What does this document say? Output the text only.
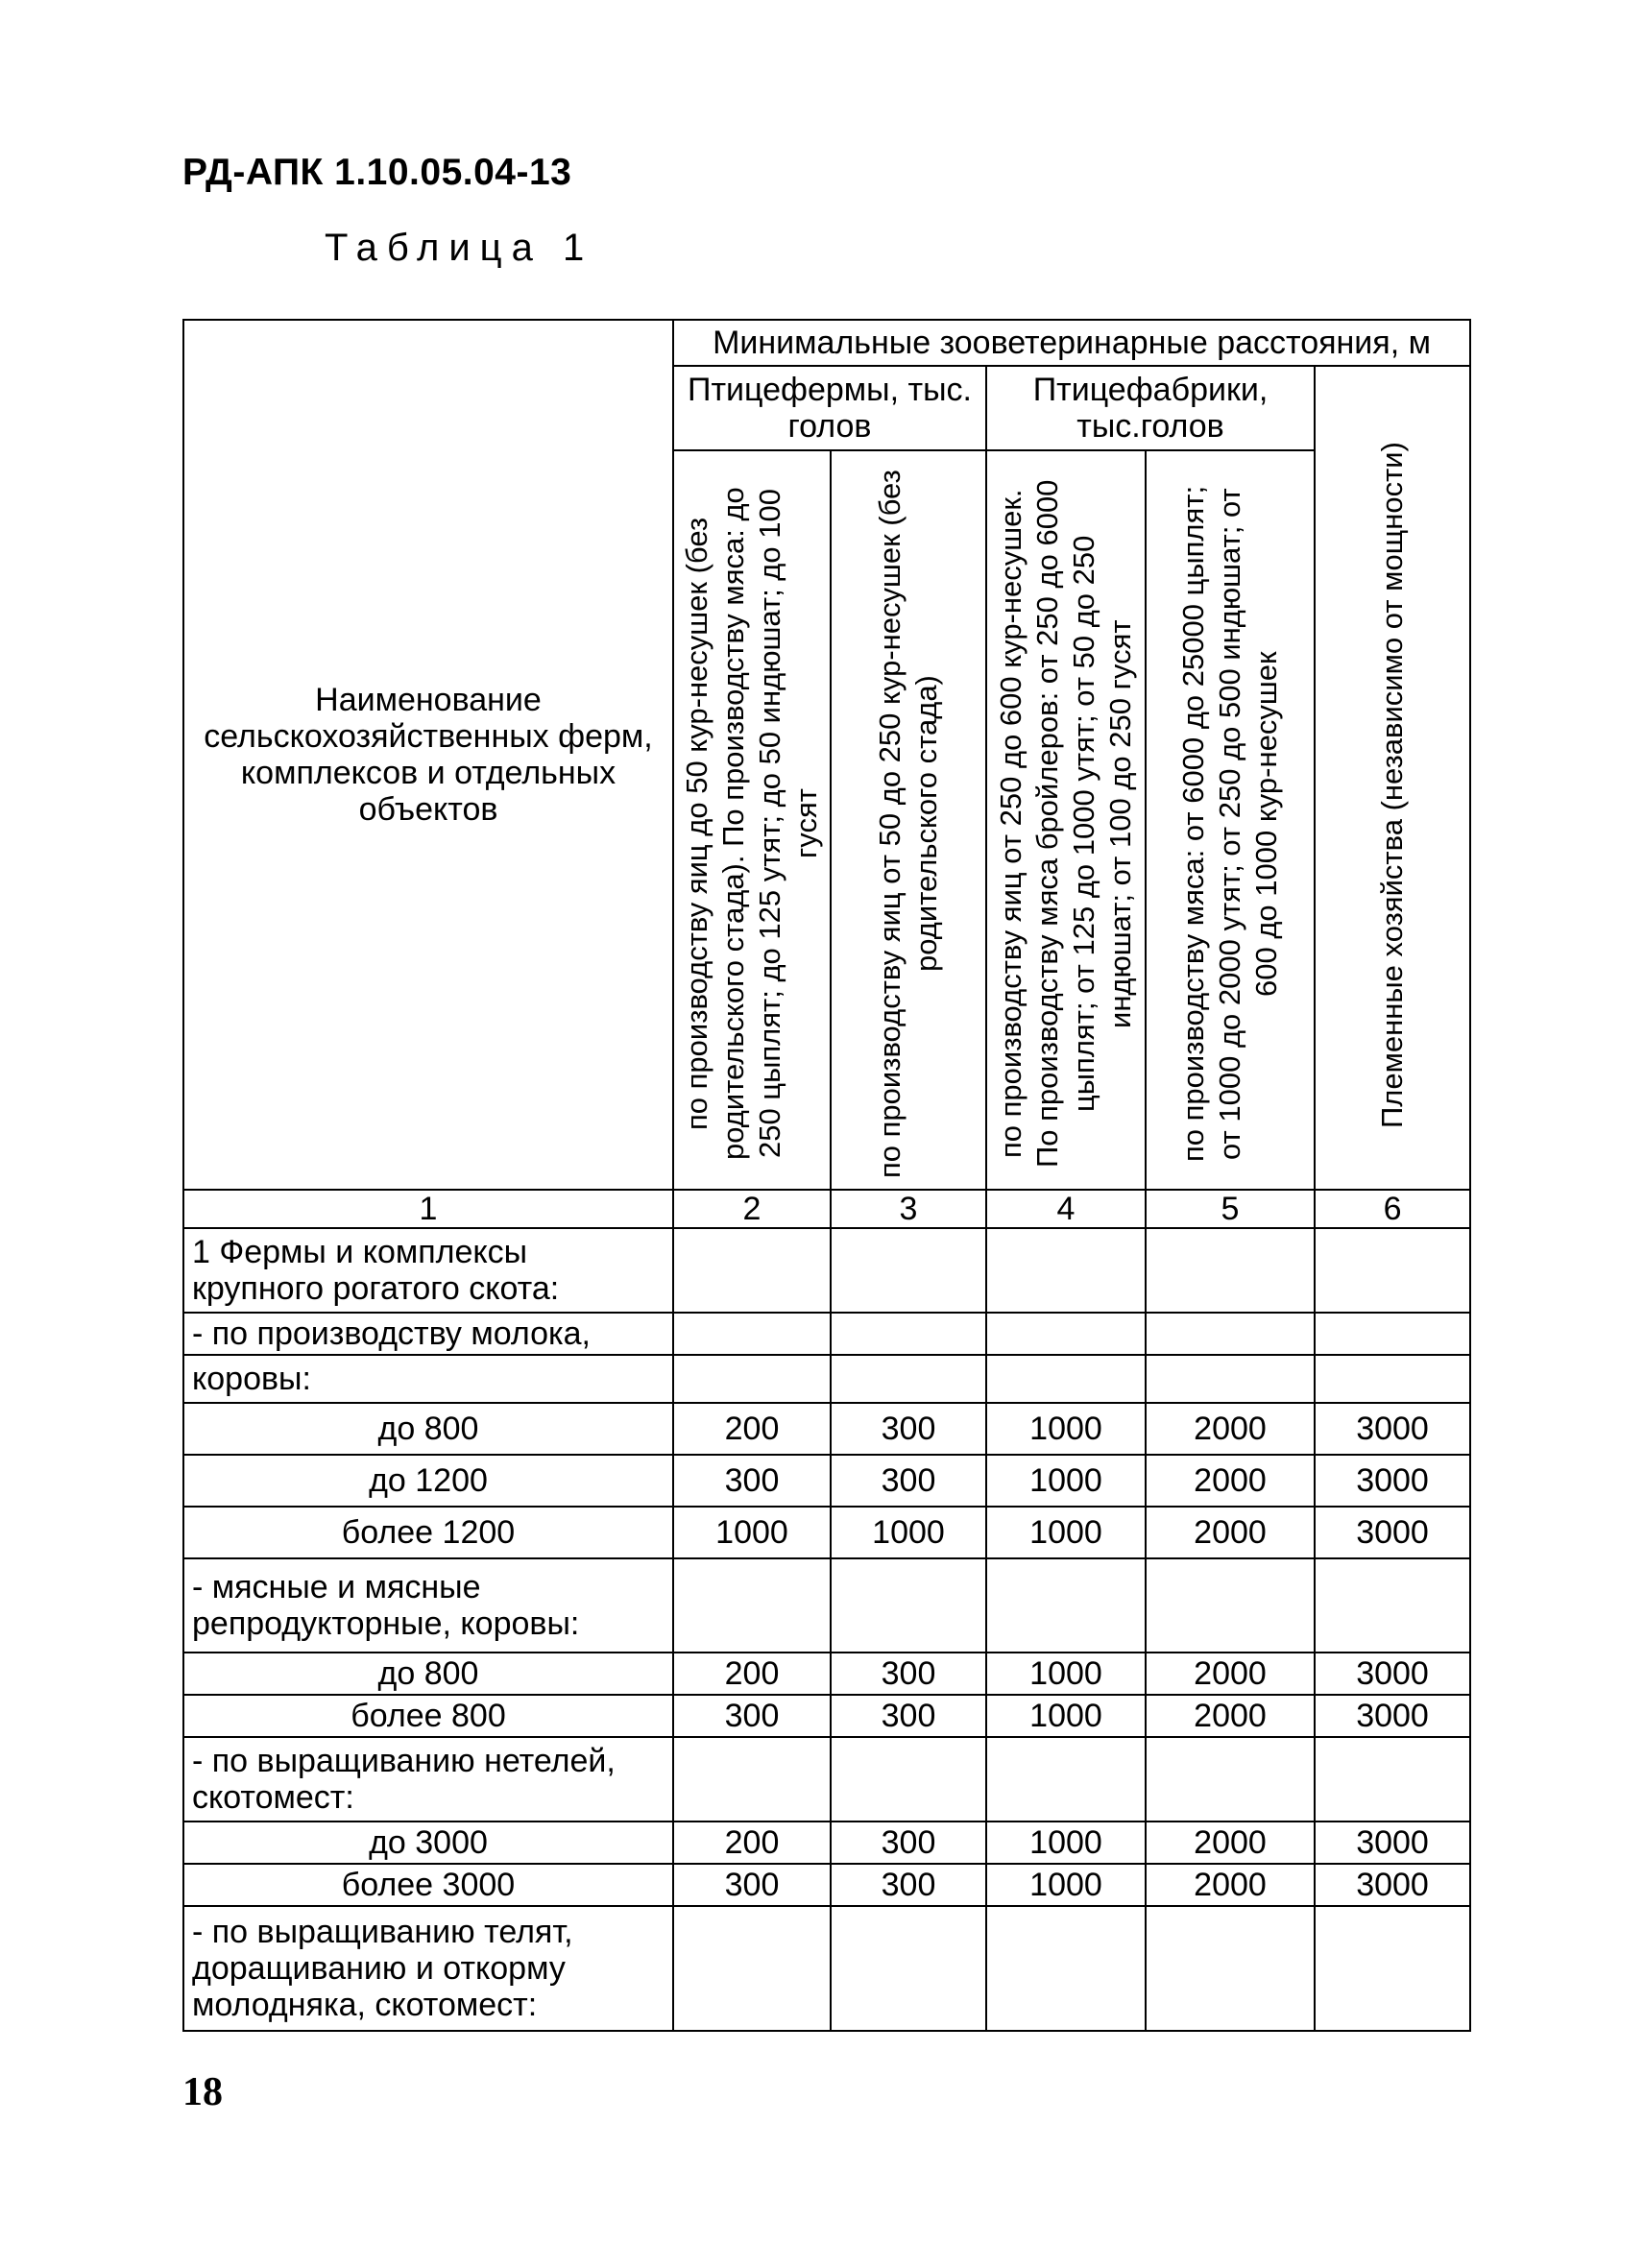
РД-АПК 1.10.05.04-13
Таблица 1
Наименование сельскохозяйственных ферм, комплексов и отдельных объектов	Минимальные зооветеринарные расстояния, м				
	Птицефермы, тыс. голов		Птицефабрики, тыс.голов		Племенные хозяйства (независимо от мощности)

	по производству яиц до 50 кур-несушек (без родительского стада). По производству мяса: до 250 цыплят; до 125 утят; до 50 индюшат; до 100 гусят	по производству яиц от 50 до 250 кур-несушек (без родительского стада)	по производству яиц от 250 до 600 кур-несушек. По производству мяса бройлеров: от 250 до 6000 цыплят; от 125 до 1000 утят; от 50 до 250 индюшат; от 100 до 250 гусят	по производству мяса: от 6000 до 25000 цыплят; от 1000 до 2000 утят; от 250 до 500 индюшат; от 600 до 1000 кур-несушек	

1	2	3	4	5	6
1 Фермы и комплексы крупного рогатого скота:					
- по производству молока,					
коровы:					
до 800	200	300	1000	2000	3000
до 1200	300	300	1000	2000	3000
более 1200	1000	1000	1000	2000	3000
- мясные и мясные репродукторные, коровы:					
до 800	200	300	1000	2000	3000
более 800	300	300	1000	2000	3000
- по выращиванию нетелей, скотомест:					
до 3000	200	300	1000	2000	3000
более 3000	300	300	1000	2000	3000
- по выращиванию телят, доращиванию и откорму молодняка, скотомест:					
18
